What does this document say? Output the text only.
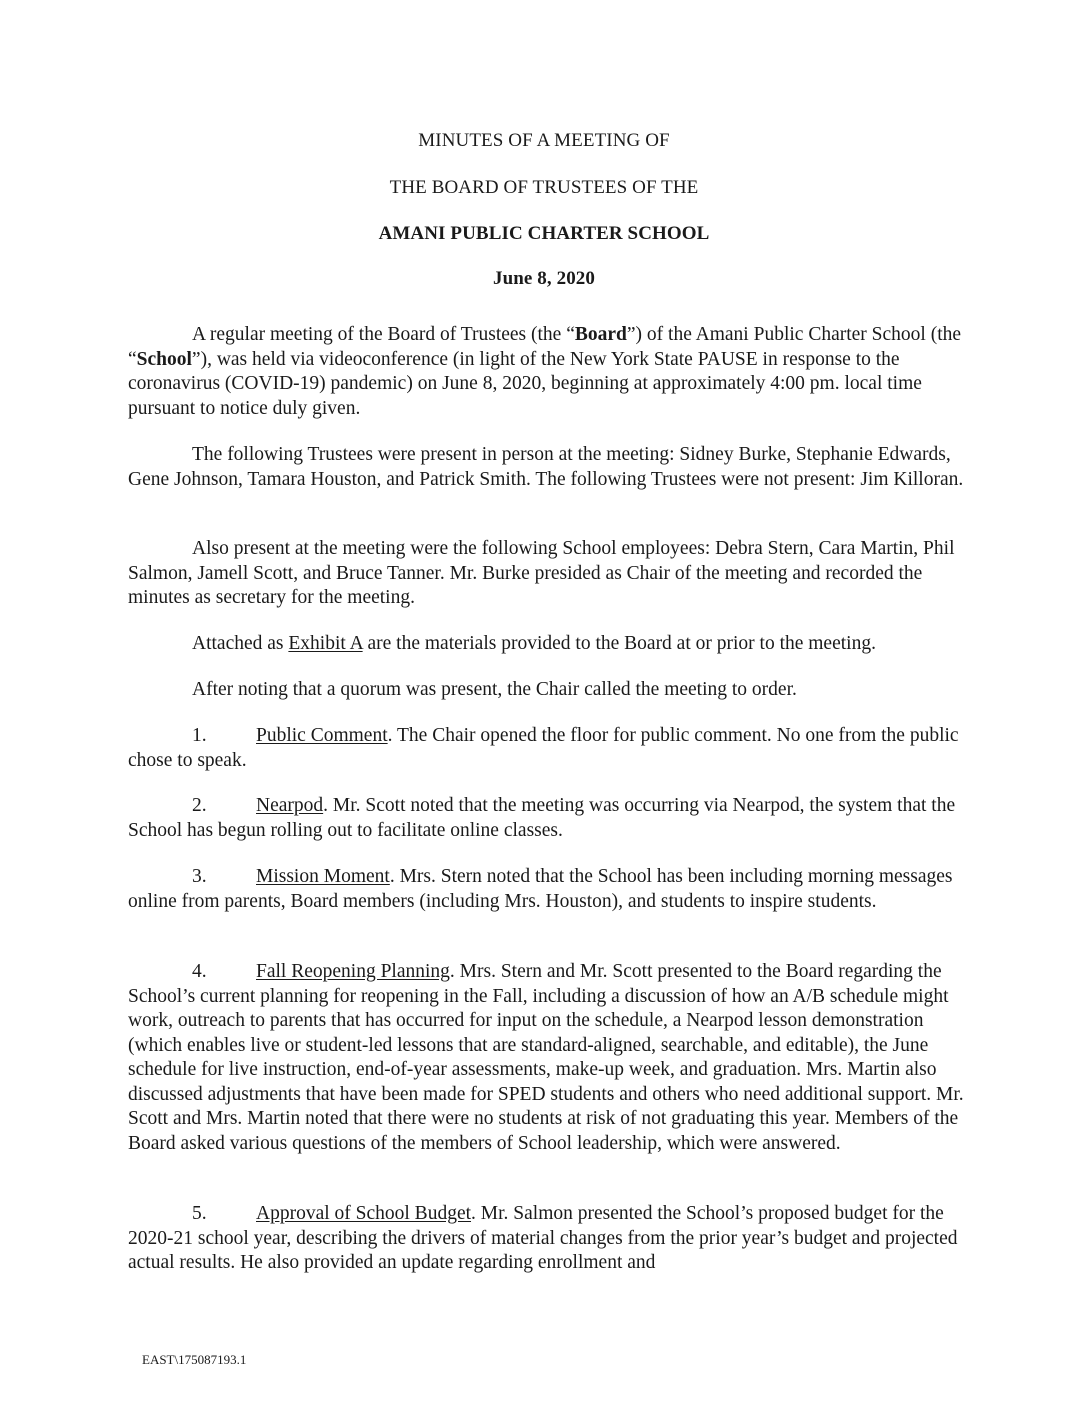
MINUTES OF A MEETING OF
THE BOARD OF TRUSTEES OF THE
AMANI PUBLIC CHARTER SCHOOL
June 8, 2020

A regular meeting of the Board of Trustees (the “Board”) of the Amani Public Charter School (the “School”), was held via videoconference (in light of the New York State PAUSE in response to the coronavirus (COVID-19) pandemic) on June 8, 2020, beginning at approximately 4:00 pm. local time pursuant to notice duly given.

The following Trustees were present in person at the meeting: Sidney Burke, Stephanie Edwards, Gene Johnson, Tamara Houston, and Patrick Smith. The following Trustees were not present: Jim Killoran.

Also present at the meeting were the following School employees: Debra Stern, Cara Martin, Phil Salmon, Jamell Scott, and Bruce Tanner. Mr. Burke presided as Chair of the meeting and recorded the minutes as secretary for the meeting.

Attached as Exhibit A are the materials provided to the Board at or prior to the meeting.

After noting that a quorum was present, the Chair called the meeting to order.

1.	Public Comment. The Chair opened the floor for public comment. No one from the public chose to speak.

2.	Nearpod. Mr. Scott noted that the meeting was occurring via Nearpod, the system that the School has begun rolling out to facilitate online classes.

3.	Mission Moment. Mrs. Stern noted that the School has been including morning messages online from parents, Board members (including Mrs. Houston), and students to inspire students.

4.	Fall Reopening Planning. Mrs. Stern and Mr. Scott presented to the Board regarding the School’s current planning for reopening in the Fall, including a discussion of how an A/B schedule might work, outreach to parents that has occurred for input on the schedule, a Nearpod lesson demonstration (which enables live or student-led lessons that are standard-aligned, searchable, and editable), the June schedule for live instruction, end-of-year assessments, make-up week, and graduation. Mrs. Martin also discussed adjustments that have been made for SPED students and others who need additional support. Mr. Scott and Mrs. Martin noted that there were no students at risk of not graduating this year. Members of the Board asked various questions of the members of School leadership, which were answered.

5.	Approval of School Budget. Mr. Salmon presented the School’s proposed budget for the 2020-21 school year, describing the drivers of material changes from the prior year’s budget and projected actual results. He also provided an update regarding enrollment and

EAST\175087193.1
